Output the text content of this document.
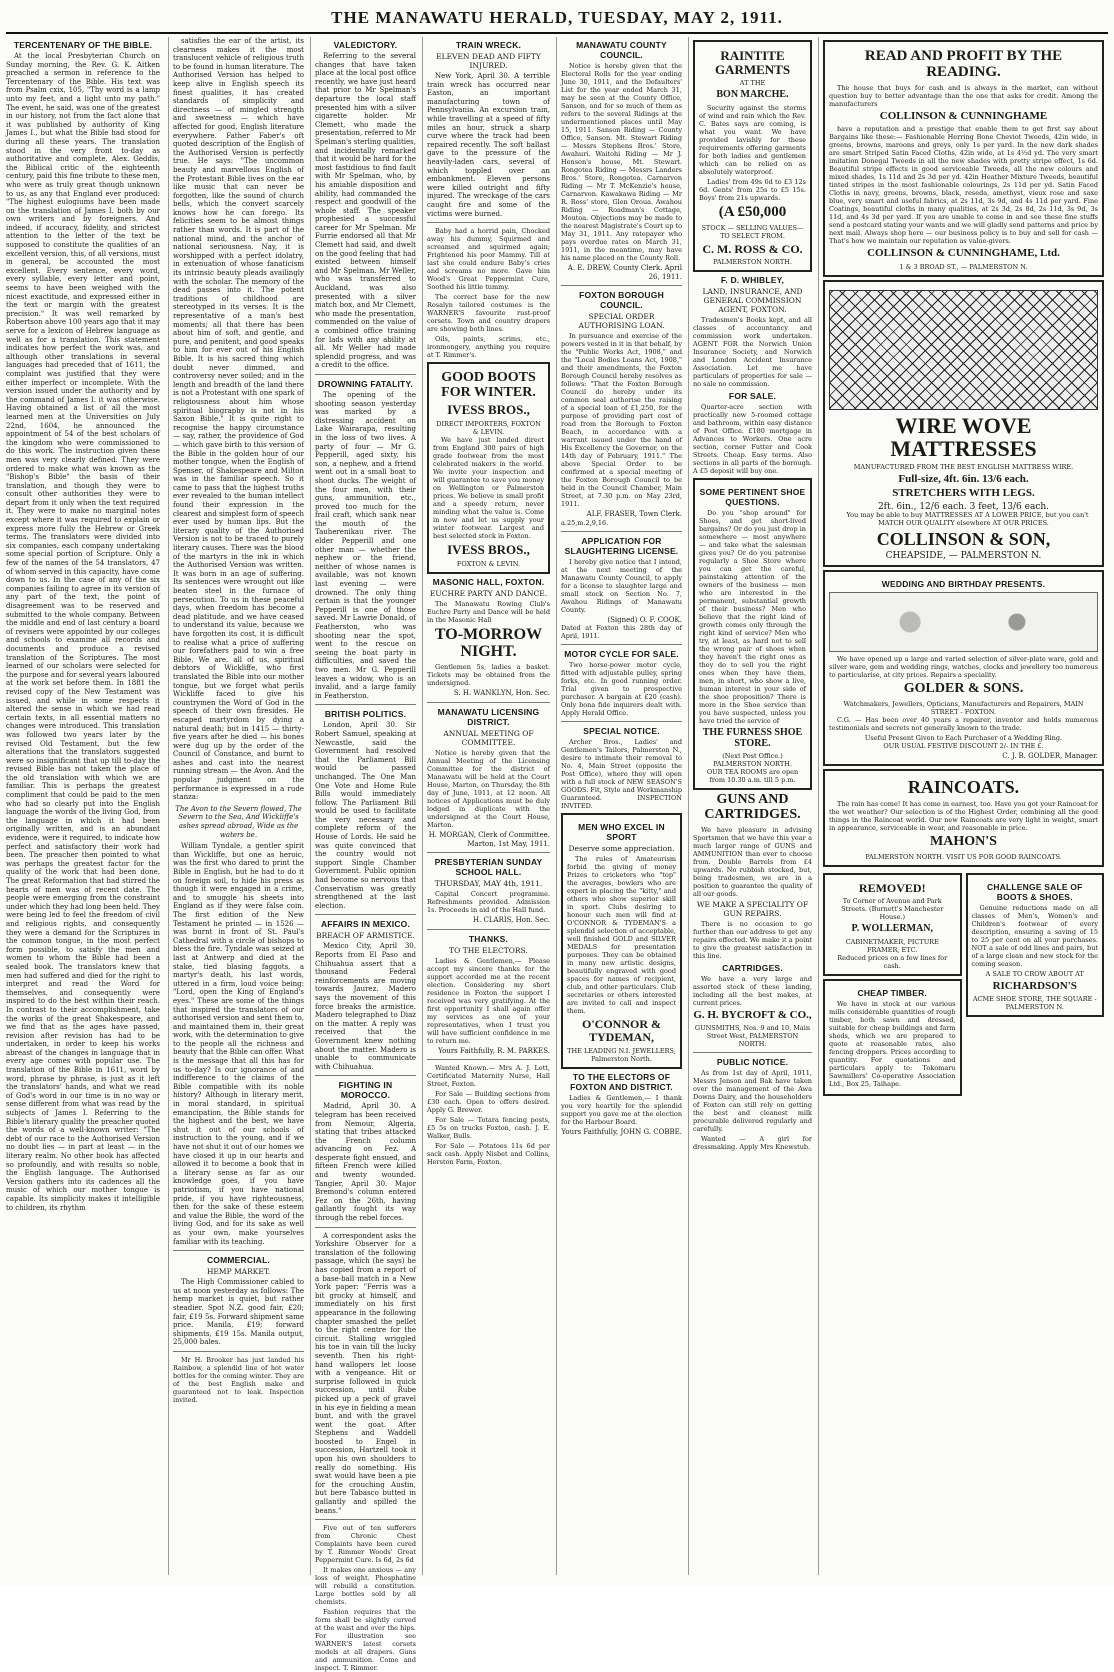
THE MANAWATU HERALD, TUESDAY, MAY 2, 1911.
TERCENTENARY OF THE BIBLE.

At the local Presbyterian Church on Sunday morning, the Rev. G. K. Aitken preached a sermon in reference to the Tercentenary of the Bible. His text was from Psalm cxix, 105, "Thy word is a lamp unto my feet, and a light unto my path." The event, he said, was one of the greatest in our history, not from the fact alone that it was published by authority of King James I., but what the Bible had stood for during all these years. The translation stood in the very front to-day as authoritative and complete. Alex. Geddis, the Biblical critic of the eighteenth century, paid this fine tribute to these men, who were as truly great though unknown to us, as any that England ever produced: "The highest eulogiums have been made on the translation of James I. both by our own writers and by foreigners. And indeed, if accuracy, fidelity, and strictest attention to the letter of the text be supposed to constitute the qualities of an excellent version, this, of all versions, must in general, be accounted the most excellent. Every sentence, every word, every syllable, every letter and point, seems to have been weighed with the nicest exactitude, and expressed either in the text or margin with the greatest precision." It was well remarked by Robertson above 100 years ago that it may serve for a lexicon of Hebrew language as well as for a translation. This statement indicates how perfect the work was, and although other translations in several languages had preceded that of 1611, the complaint was justified that they were either imperfect or incomplete. With the version issued under the authority and by the command of James I. it was otherwise. Having obtained a list of all the most learned men at the Universities on July 22nd, 1604, he announced the appointment of 54 of the best scholars of the kingdom who were commissioned to do this work. The instruction given these men was very clearly defined. They were ordered to make what was known as the "Bishop's Bible" the basis of their translation, and though they were to consult other authorities they were to depart from it only when the text required it. They were to make no marginal notes except where it was required to explain or express more fully the Hebrew or Greek terms. The translators were divided into six companies, each company undertaking some special portion of Scripture. Only a few of the names of the 54 translators, 47 of whom served in this capacity, have come down to us. In the case of any of the six companies failing to agree in its version of any part of the text, the point of disagreement was to be reserved and submitted to the whole company. Between the middle and end of last century a board of revisers were appointed by our colleges and schools to examine all records and documents and produce a revised translation of the Scriptures. The most learned of our scholars were selected for the purpose and for several years laboured at the work set before them. In 1881 the revised copy of the New Testament was issued, and while in some respects it altered the sense in which we had read certain texts, in all essential matters no changes were introduced. This translation was followed two years later by the revised Old Testament, but the few alterations that the translators suggested were so insignificant that up till to-day the revised Bible has not taken the place of the old translation with which we are familiar. This is perhaps the greatest compliment that could be paid to the men who had so clearly put into the English language the words of the living God, from the language in which it had been originally written, and is an abundant evidence, were it required, to indicate how perfect and satisfactory their work had been. The preacher then pointed to what was perhaps the greatest factor for the quality of the work that had been done. The great Reformation that had stirred the hearts of men was of recent date. The people were emerging from the constraint under which they had long been held. They were being led to feel the freedom of civil and religious rights, and consequently they were a demand for the Scriptures in the common tongue, in the most perfect form possible, to satisfy the men and women to whom the Bible had been a sealed book. The translators knew that men had suffered and died for the right to interpret and read the Word for themselves, and consequently were inspired to do the best within their reach. In contrast to their accomplishment, take the works of the great Shakespeare, and we find that as the ages have passed, revision after revision has had to be undertaken, in order to keep his works abreast of the changes in language that in every age comes with popular use. The translation of the Bible in 1611, word by word, phrase by phrase, is just as it left the translators' hands, and what we read of God's word in our time is in no way or sense different from what was read by the subjects of James I. Referring to the Bible's literary quality the preacher quoted the words of a well-known writer: "The debt of our race to the Authorised Version no doubt lies — in part at least — in the literary realm. No other book has affected so profoundly, and with results so noble, the English language. The Authorised Version gathers into its cadences all the music of which our mother tongue is capable. Its simplicity makes it intelligible to children, its rhythm

satisfies the ear of the artist, its clearness makes it the most translucent vehicle of religious truth to be found in human literature. The Authorised Version has helped to keep alive in English speech its finest qualities, it has created standards of simplicity and directness — of mingled strength and sweetness — which have affected for good, English literature everywhere. Father Faber's oft quoted description of the English of the Authorised Version is perfectly true. He says: "The uncommon beauty and marvellous English of the Protestant Bible lives on the ear like music that can never be forgotten, like the sound of church bells, which the convert scarcely knows how he can forego. Its felicities seem to be almost things rather than words. It is part of the national mind, and the anchor of national seriousness. Nay, it is worshipped with a perfect idolatry, in extenuation of whose fanaticism its intrinsic beauty pleads availingly with the scholar. The memory of the dead passes into it. The potent traditions of childhood are stereotyped in its verses. It is the representative of a man's best moments; all that there has been about him of soft, and gentle, and pure, and penitent, and good speaks to him for ever out of his English Bible. It is his sacred thing which doubt never dimmed, and controversy never soiled; and in the length and breadth of the land there is not a Protestant with one spark of religiousness about him whose spiritual biography is not in his Saxon Bible." It is quite right to recognise the happy circumstance — say, rather, the providence of God — which gave birth to this version of the Bible in the golden hour of our mother tongue, when the English of Spenser, of Shakespeare and Milton was in the familiar speech. So it came to pass that the highest truths ever revealed to the human intellect found their expression in the clearest and simplest form of speech ever used by human lips. But the literary quality of the Authorised Version is not to be traced to purely literary causes. There was the blood of the martyrs in the ink in which the Authorised Version was written. It was born in an age of suffering. Its sentences were wrought out like beaten steel in the furnace of persecution. To us in these peaceful days, when freedom has become a dead platitude, and we have ceased to understand its value, because we have forgotten its cost, it is difficult to realise what a price of suffering our forefathers paid to win a free Bible. We are, all of us, spiritual debtors of Wickliffe, who first translated the Bible into our mother tongue, but we forget what perils Wickliffe faced to give his countrymen the Word of God in the speech of their own firesides. He escaped martyrdom by dying a natural death; but in 1415 — thirty-five years after he died — his bones were dug up by the order of the Council of Constance, and burnt to ashes and cast into the nearest running stream — the Avon. And the popular judgment on the performance is expressed in a rude stanza:

The Avon to the Severn flowed, The Severn to the Sea, And Wickliffe's ashes spread abroad, Wide as the waters be.

William Tyndale, a gentler spirit than Wickliffe, but one as heroic, was the first who dared to print the Bible in English, but he had to do it on foreign soil, to hide his press as though it were engaged in a crime, and to smuggle his sheets into England as if they were false coin. The first edition of the New Testament he printed — in 1526 — was burnt in front of St. Paul's Cathedral with a circle of bishops to bless the fire. Tyndale was seized at last at Antwerp and died at the stake, tied blasing faggots, a martyr's death, his last words, uttered in a firm, loud voice being: "Lord, open the King of England's eyes." These are some of the things that inspired the translators of our authorised version and sent them to, and maintained them in, their great work, with the determination to give to the people all the richness and beauty that the Bible can offer. What is the message that all this has for us to-day? Is our ignorance of and indifference to the claims of the Bible compatible with its noble history? Although in literary merit, in moral standard, in spiritual emancipation, the Bible stands for the highest and the best, we have shut it out of our schools of instruction to the young, and if we have not shut it out of our homes we have closed it up in our hearts and allowed it to become a book that in a literary sense as far as our knowledge goes, if you have patriotism, if you have national pride, if you have righteousness, then for the sake of these esteem and value the Bible, the word of the living God, and for its sake as well as your own, make yourselves familiar with its teaching.

COMMERCIAL.
HEMP MARKET.

The High Commissioner cabled to us at noon yesterday as follows: The hemp market is quiet, but rather steadier. Spot N.Z. good fair, £20; fair, £19 5s. Forward shipment same price. Manila, £19; forward shipments, £19 15s. Manila output, 25,000 bales.

Mr H. Brooker has just landed his Rainbow, a splendid line of hot water bottles for the coming winter. They are of the best English make and guaranteed not to leak. Inspection invited.

VALEDICTORY.

Referring to the several changes that have taken place at the local post office recently, we have just heard that prior to Mr Spelman's departure the local staff presented him with a silver cigarette holder. Mr Clemett, who made the presentation, referred to Mr Spelman's sterling qualities, and incidentally remarked that it would be hard for the most fastidious to find fault with Mr Spelman, who, by his amiable disposition and ability, had commanded the respect and goodwill of the whole staff. The speaker prophesied a successful career for Mr Spelman. Mr Furrie endorsed all that Mr Clemett had said, and dwelt on the good feeling that had existed between himself and Mr Spelman. Mr Weller, who was transferred to Auckland, was also presented with a silver match box, and Mr Clemett, who made the presentation, commended on the value of a combined office training for lads with any ability at all. Mr Weller had made splendid progress, and was a credit to the office.

DROWNING FATALITY.

The opening of the shooting season yesterday was marked by a distressing accident on Lake Wairarapa, resulting in the loss of two lives. A party of four — Mr G. Pepperill, aged sixty, his son, a nephew, and a friend went out in a small boat to shoot ducks. The weight of the four men, with their guns, ammunition, etc., proved too much for the frail craft, which sank near the mouth of the Tauherenikau river. The elder Pepperill and one other man — whether the nephew or the friend, neither of whose names is available, was not known last evening — were drowned. The only thing certain is that the younger Pepperill is one of those saved. Mr Lawrie Donald, of Featherston, who was shooting near the spot, went to the rescue on seeing the boat party in difficulties, and saved the two men. Mr G. Pepperill leaves a widow, who is an invalid, and a large family in Featherston.

BRITISH POLITICS.

London, April 30. Sir Robert Samuel, speaking at Newcastle, said the Government had resolved that the Parliament Bill would be passed unchanged. The One Man One Vote and Home Rule Bills would immediately follow. The Parliament Bill would be used to facilitate the very necessary and complete reform of the House of Lords. He said he was quite convinced that the country would not support Single Chamber Government. Public opinion had become so nervous that Conservatism was greatly strengthened at the last election.

AFFAIRS IN MEXICO.
BREACH OF ARMISTICE.

Mexico City, April 30. Reports from El Paso and Chihuahua assert that a thousand Federal reinforcements are moving towards Jaurez. Madero says the movement of this force breaks the armistice. Madero telegraphed to Diaz on the matter. A reply was received that the Government knew nothing about the matter. Madero is unable to communicate with Chihuahua.

FIGHTING IN MOROCCO.

Madrid, April 30. A telegram has been received from Nemour, Algeria, stating that tribes attacked the French column advancing on Fez. A desperate fight ensued, and fifteen French were killed and twenty wounded. Tangier, April 30. Major Bremond's column entered Fez on the 26th, having gallantly fought its way through the rebel forces.

A correspondent asks the Yorkshire Observer for a translation of the following passage, which (he says) he has copied from a report of a base-ball match in a New York paper: "Ferris was a bit grocky at himself, and immediately on his first appearance in the following chapter smashed the pellet to the right centre for the circuit. Stalling wriggled his toe in vain till the lucky seventh. Then his right-hand wallopers let loose with a vengeance. Hit or surprise followed in quick succession, until Rube picked up a peck of gravel in his eye in fielding a mean bunt, and with the gravel went the goat. After Stephens and Waddell boosted to Engel in succession, Hartzell took it upon his own shoulders to really do something. His swat would have been a pie for the crouching Austin, but bere Tabasco butted in gallantly and spilled the beans."

Five out of ten sufferers from Chronic Chest Complaints have been cured by T. Rimmer Woods' Great Peppermint Cure. Is 6d, 2s 6d

It makes one anxious — any loss of weight. Phosphatine will rebuild a constitution. Large bottles sold by all chemists.

Fashion requires that the form shall be slightly curved at the waist and over the hips. For illustration see WARNER'S latest corsets models at all drapers. Guns and ammunition. Come and inspect. T. Rimmer.

TRAIN WRECK.
ELEVEN DEAD AND FIFTY INJURED.

New York, April 30. A terrible train wreck has occurred near Easton, an important manufacturing town of Pennsylvania. An excursion train, while travelling at a speed of fifty miles an hour, struck a sharp curve where the track had been repaired recently. The soft ballast gave to the pressure of the heavily-laden cars, several of which toppled over an embankment. Eleven persons were killed outright and fifty injured. The wreckage of the cars caught fire and some of the victims were burned.

Baby had a horrid pain, Chocked away his dummy, Squirmed and screamed and squirmed again; Frightened his poor Mammy. Till at last she could endure Baby's cries and screams no more. Gave him Wood's Great Peppermint Cure, Soothed his little tummy.

The correct base for the new Rosalyn tailored costumes is the WARNER'S favourite rust-proof corsets. Town and country drapers are showing both lines.

Oils, paints, scrims, etc., ironmongery, anything you require at T. Rimmer's.

GOOD BOOTS FOR WINTER.
IVESS BROS.,
DIRECT IMPORTERS, FOXTON & LEVIN.

We have just landed direct from England 300 pairs of high grade footwear from the most celebrated makers in the world. We invite your inspection and will guarantee to save you money on Wellington or Palmerston prices. We believe in small profit and a speedy return, never minding what the value is. Come in now and let us supply your winter footwear. Largest and best selected stock in Foxton.

IVESS BROS.,
FOXTON & LEVIN.
MASONIC HALL, FOXTON.
EUCHRE PARTY AND DANCE.

The Manawatu Rowing Club's Euchre Party and Dance will be held in the Masonic Hall

TO-MORROW NIGHT.

Gentlemen 5s, ladies a basket. Tickets may be obtained from the undersigned.

S. H. WANKLYN, Hon. Sec.
MANAWATU LICENSING DISTRICT.
ANNUAL MEETING OF COMMITTEE.

Notice is hereby given that the Annual Meeting of the Licensing Committee for the district of Manawatu will be held at the Court House, Marton, on Thursday, the 8th day of June, 1911, at 12 noon. All notices of Applications must be duly lodged in duplicate with the undersigned at the Court House, Marton.

H. MORGAN, Clerk of Committee. Marton, 1st May, 1911.
PRESBYTERIAN SUNDAY SCHOOL HALL.
THURSDAY, MAY 4th, 1911.

Capital Concert programme. Refreshments provided. Admission 1s. Proceeds in aid of the Hall fund.

H. CLARIS, Hon. Sec.
THANKS.
TO THE ELECTORS.

Ladies & Gentlemen,— Please accept my sincere thanks for the support accorded me at the recent election. Considering my short residence in Foxton the support I received was very gratifying. At the first opportunity I shall again offer my services as one of your representatives, when I trust you will have sufficient confidence in me to return me.

Yours Faithfully, R. M. PARKES.

Wanted Known.— Mrs A. J. Lett, Certificated Maternity Nurse, Hall Street, Foxton.

For Sale — Building sections from £30 each. Open to offers desired. Apply G. Brewer.

For Sale — Totara fencing posts, £5 5s on trucks Foxton, cash. J. E. Walker, Bulls.

For Sale — Potatoes 11s 6d per sack cash. Apply Nisbet and Collins, Herston Farm, Foxton.

MANAWATU COUNTY COUNCIL.

Notice is hereby given that the Electoral Rolls for the year ending June 30, 1911, and the Defaulters' List for the year ended March 31, may be seen at the County Office, Sanson, and for so much of them as refers to the several Ridings at the undermentioned places until May 15, 1911. Sanson Riding — County Office, Sanson. Mt. Stewart Riding — Messrs Stephens Bros.' Store, Awahuri. Waitohi Riding — Mr J. Henson's house, Mt. Stewart. Rongotea Riding — Messrs Landers Bros.' Store, Rongotea. Carnarvon Riding — Mr T. McKenzie's house, Carnarvon. Kawakawa Riding — Mr R. Ross' store, Glen Oroua. Awahou Riding — Roadman's Cottage, Moutoa. Objections may be made to the nearest Magistrate's Court up to May 31, 1911. Any ratepayer who pays overdue rates on March 31, 1911, in the meantime, may have his name placed on the County Roll.

A. E. DREW, County Clerk. April 26, 1911.
FOXTON BOROUGH COUNCIL.
SPECIAL ORDER AUTHORISING LOAN.

In pursuance and exercise of the powers vested in it in that behalf, by the "Public Works Act, 1908," and the "Local Bodies Loans Act, 1908," and their amendments, the Foxton Borough Council hereby resolves as follows: "That the Foxton Borough Council do hereby under its common seal authorise the raising of a special loan of £1,250, for the purpose of providing part cost of road from the Borough to Foxton Beach, in accordance with a warrant issued under the hand of His Excellency the Governor, on the 14th day of February, 1911." The above Special Order to be confirmed at a special meeting of the Foxton Borough Council to be held in the Council Chamber, Main Street, at 7.30 p.m. on May 23rd, 1911.

ALF. FRASER, Town Clerk.
a.25,m.2,9,16.
APPLICATION FOR SLAUGHTERING LICENSE.

I hereby give notice that I intend, at the next meeting of the Manawatu County Council, to apply for a license to slaughter large and small stock on Section No. 7, Awahou Ridings of Manawatu County.

(Signed) O. F. COOK.
Dated at Foxton this 28th day of April, 1911.
MOTOR CYCLE FOR SALE.

Two horse-power motor cycle, fitted with adjustable pulley, spring forks, etc. In good running order. Trial given to prospective purchaser. A bargain at £20 (cash). Only bona fide inquirers dealt with. Apply Herald Office.

SPECIAL NOTICE.

Archer Bros., Ladies' and Gentlemen's Tailors, Palmerston N., desire to intimate their removal to No. 4, Main Street (opposite the Post Office), where they will open with a full stock of NEW SEASON'S GOODS. Fit, Style and Workmanship Guaranteed. INSPECTION INVITED.

MEN WHO EXCEL IN SPORT
Deserve some appreciation.

The rules of Amateurism forbid the giving of money Prizes to cricketers who "top" the averages, bowlers who are expert in placing the "kitty," and others who show superior skill in sport. Clubs desiring to honour such men will find at O'CONNOR & TYDEMAN'S a splendid selection of acceptable, well finished GOLD and SILVER MEDALS for presentation purposes. They can be obtained in many new artistic designs, beautifully engraved with good spaces for names of recipient, club, and other particulars. Club secretaries or others interested are invited to call and inspect them.

O'CONNOR & TYDEMAN,
THE LEADING N.I. JEWELLERS,
Palmerston North.
TO THE ELECTORS OF FOXTON AND DISTRICT.

Ladies & Gentlemen,— I thank you very heartily for the splendid support you gave me at the election for the Harbour Board.

Yours Faithfully, JOHN G. COBBE.
RAINTITE GARMENTS
AT THE
BON MARCHE.

Security against the storms of wind and rain which the Rev. C. Bates says are coming, is what you want. We have provided lavishly for these requirements offering garments for both ladies and gentlemen which can be relied on as absolutely waterproof.

Ladies' from 49s 6d to £3 12s 6d. Gents' from 25s to £5 15s. Boys' from 21s upwards.

(A £50,000
STOCK — SELLING VALUES—TO SELECT FROM.
C. M. ROSS & CO.
PALMERSTON NORTH.
F. D. WHIBLEY,
LAND, INSURANCE, AND GENERAL COMMISSION AGENT, FOXTON.

Tradesmen's Books kept, and all classes of accountancy and commission work undertaken. AGENT FOR the Norwich Union Insurance Society, and Norwich and London Accident Insurance Association. Let me have particulars of properties for sale — no sale no commission.

FOR SALE.

Quarter-acre section with practically new 5-roomed cottage and bathroom, within easy distance of Post Office. £180 mortgage in Advances to Workers. One acre section, corner Futter and Cook Streets. Cheap. Easy terms. Also sections in all parts of the borough. A £5 deposit will buy one.

SOME PERTINENT SHOE QUESTIONS.

Do you "shop around" for Shoes, and get short-lived bargains? Or do you just drop in somewhere — most anywhere — and take what the salesman gives you? Or do you patronise regularly a Shoe Store where you can get the careful, painstaking attention of the owners of the business — men who are interested in the permanent, substantial growth of their business? Men who believe that the right kind of growth comes only through the right kind of service? Men who try, at least, as hard not to sell the wrong pair of shoes when they haven't the right ones as they do to sell you the right ones when they have them, men, in short, who show a live, human interest in your side of the shoe proposition? There is more in the Shoe service than you have suspected, unless you have tried the service of

THE FURNESS SHOE STORE.
(Next Post Office.) PALMERSTON NORTH.
OUR TEA ROOMS are open from 10.30 a.m. till 5 p.m.
GUNS AND CARTRIDGES.

We have pleasure in advising Sportsmen that we have this year a much larger range of GUNS and AMMUNITION than ever to choose from. Double Barrels from £4 upwards. No rubbish stocked, but, being tradesmen, we are in a position to guarantee the quality of all our goods.

WE MAKE A SPECIALITY OF GUN REPAIRS.

There is no occasion to go further than our address to get any repairs effected. We make it a point to give the greatest satisfaction in this line.

CARTRIDGES.

We have a very large and assorted stock of these landing, including all the best makes, at current prices.

G. H. BYCROFT & CO.,
GUNSMITHS, Nos. 9 and 10, Main Street West, PALMERSTON NORTH.
PUBLIC NOTICE.

As from 1st day of April, 1911, Messrs Jenson and Bak have taken over the management of the Awa Downs Dairy, and the householders of Foxton can still rely on getting the best and cleanest milk procurable delivered regularly and carefully.

Wanted — A girl for dressmaking. Apply Mrs Knewstub.

READ AND PROFIT BY THE READING.

The house that buys for cash and is always in the market, can without question buy to better advantage than the one that asks for credit. Among the manufacturers

COLLINSON & CUNNINGHAME

have a reputation and a prestige that enable them to get first say about Bargains like these:— Fashionable Herring Bone Cheviot Tweeds, 42in wide, in greens, browns, maroons and greys, only 1s per yard. In the new dark shades are smart Striped Satin Faced Cloths, 42in wide, at 1s 4½d yd. The very smart imitation Donegal Tweeds in all the new shades with pretty stripe effect, 1s 6d. Beautiful stripe effects in good serviceable Tweeds, all the new colours and mixed shades, 1s 11d and 2s 3d per yd. 42in Heather Mixture Tweeds, beautiful tinted stripes in the most fashionable colourings, 2s 11d per yd. Satin Faced Cloths in navy, greens, browns, black, reseda, amethyst, vieux rose and saxe blue, very smart and useful fabrics, at 2s 11d, 3s 9d, and 4s 11d per yard. Fine Coatings, beautiful cloths in many qualities, at 2s 3d, 2s 8d, 2s 11d, 3s 9d, 3s 11d, and 4s 3d per yard. If you are unable to come in and see these fine stuffs send a postcard stating your wants and we will gladly send patterns and price by next mail. Always shop here — our business policy is to buy and sell for cash — That's how we maintain our reputation as value-givers.

COLLINSON & CUNNINGHAME, Ltd.
1 & 3 BROAD ST., — PALMERSTON N.
WIRE WOVE MATTRESSES
MANUFACTURED FROM THE BEST ENGLISH MATTRESS WIRE.
Full-size, 4ft. 6in. 13/6 each.
STRETCHERS WITH LEGS.
2ft. 6in., 12/6 each. 3 feet, 13/6 each.

You may be able to buy MATTRESSES AT A LOWER PRICE, but you can't MATCH OUR QUALITY elsewhere AT OUR PRICES.

COLLINSON & SON,
CHEAPSIDE, — PALMERSTON N.
WEDDING AND BIRTHDAY PRESENTS.

We have opened up a large and varied selection of silver-plate ware, gold and silver ware, gem and wedding rings, watches, clocks and jewellery too numerous to particularise, at city prices. Repairs a speciality.

GOLDER & SONS.
Watchmakers, Jewellers, Opticians, Manufacturers and Repairers, MAIN STREET - FOXTON.

C.G. — Has been over 40 years a repairer, inventor and holds numerous testimonials and secrets not generally known to the trade.

Useful Present Given to Each Purchaser of a Wedding Ring.
OUR USUAL FESTIVE DISCOUNT 2/- IN THE £.
C. J. B. GOLDER, Manager.
RAINCOATS.

The rain has come! It has come in earnest, too. Have you got your Raincoat for the wet weather? Our selection is of the Highest Order, combining all the good things in the Raincoat world. Our new Raincoats are very light in weight, smart in appearance, serviceable in wear, and reasonable in price.

MAHON'S
PALMERSTON NORTH. VISIT US FOR GOOD RAINCOATS.
REMOVED!
To Corner of Avenue and Park Streets. (Burnett's Manchester House.)
P. WOLLERMAN,
CABINETMAKER, PICTURE FRAMER, ETC.
Reduced prices on a few lines for cash.
CHEAP TIMBER.

We have in stock at our various mills considerable quantities of rough timber, both sawn and dressed, suitable for cheap buildings and farm sheds, which we are prepared to quote at reasonable rates, also fencing droppers. Prices according to quantity. For quotations and particulars apply to: Tokomaru Sawmillers' Co-operative Association Ltd., Box 25, Taihape.

CHALLENGE SALE OF BOOTS & SHOES.

Genuine reductions made on all classes of Men's, Women's and Children's footwear of every description, ensuring a saving of 15 to 25 per cent on all your purchases. NOT a sale of odd lines and pairs, but of a large clean and new stock for the coming season.

A SALE TO CROW ABOUT AT
RICHARDSON'S
ACME SHOE STORE, THE SQUARE - PALMERSTON N.
